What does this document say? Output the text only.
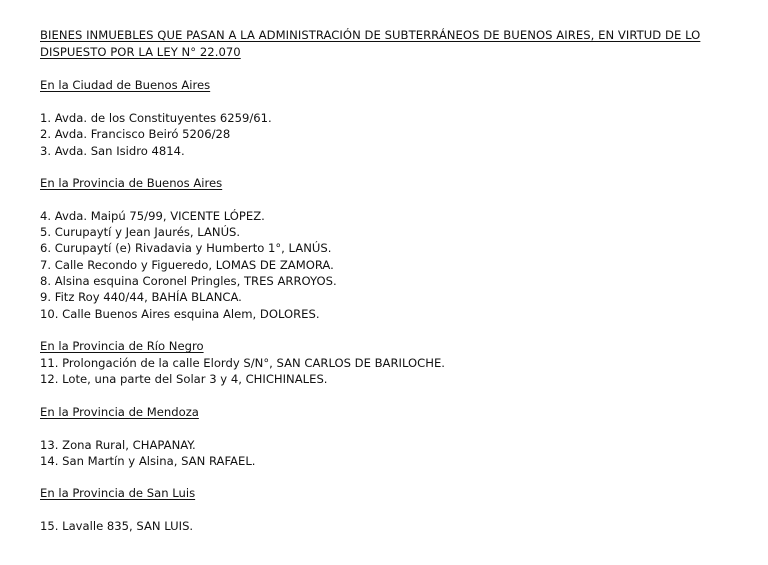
BIENES INMUEBLES QUE PASAN A LA ADMINISTRACIÓN DE SUBTERRÁNEOS DE BUENOS AIRES, EN VIRTUD DE LO DISPUESTO POR LA LEY N° 22.070
En la Ciudad de Buenos Aires
1. Avda. de los Constituyentes 6259/61.
2. Avda. Francisco Beiró 5206/28
3. Avda. San Isidro 4814.
En la Provincia de Buenos Aires
4. Avda. Maipú 75/99, VICENTE LÓPEZ.
5. Curupaytí y Jean Jaurés, LANÚS.
6. Curupaytí (e) Rivadavia y Humberto 1°, LANÚS.
7. Calle Recondo y Figueredo, LOMAS DE ZAMORA.
8. Alsina esquina Coronel Pringles, TRES ARROYOS.
9. Fitz Roy 440/44, BAHÍA BLANCA.
10. Calle Buenos Aires esquina Alem, DOLORES.
En la Provincia de Río Negro
11. Prolongación de la calle Elordy S/N°, SAN CARLOS DE BARILOCHE.
12. Lote, una parte del Solar 3 y 4, CHICHINALES.
En la Provincia de Mendoza
13. Zona Rural, CHAPANAY.
14. San Martín y Alsina, SAN RAFAEL.
En la Provincia de San Luis
15. Lavalle 835, SAN LUIS.
